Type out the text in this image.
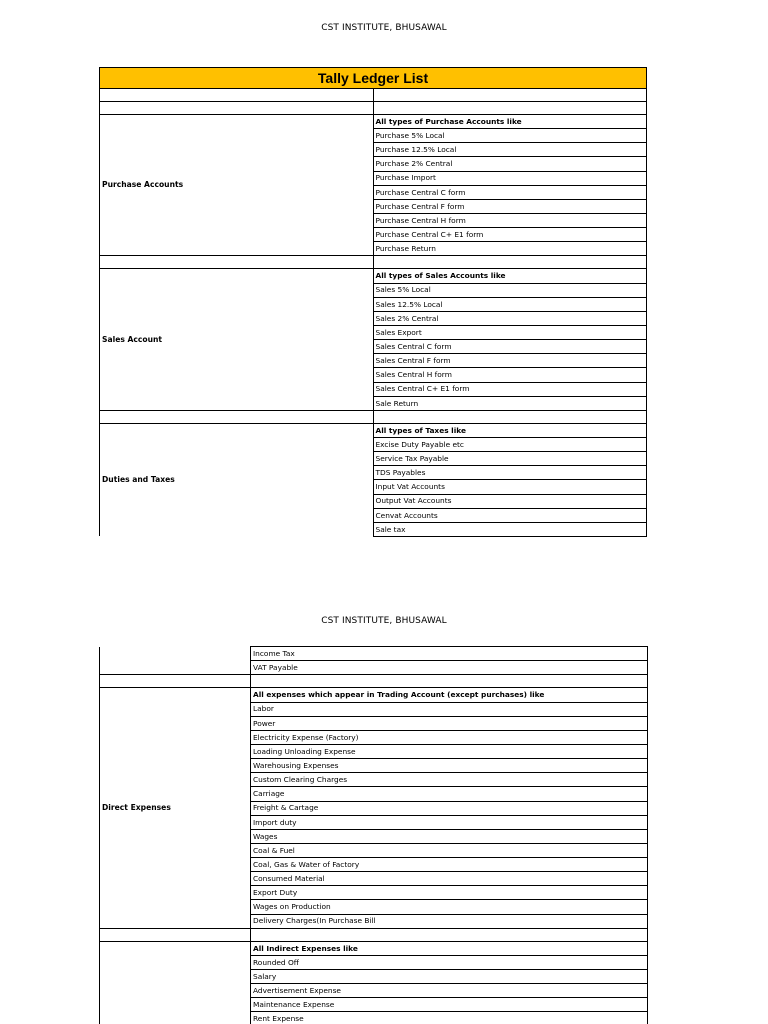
CST INSTITUTE, BHUSAWAL
Tally Ledger List	

Purchase Accounts	All types of Purchase Accounts like
	Purchase 5% Local
	Purchase 12.5% Local
	Purchase 2% Central
	Purchase Import
	Purchase Central C form
	Purchase Central F form
	Purchase Central H form
	Purchase Central C+ E1 form
	Purchase Return

Sales Account	All types of Sales Accounts like
	Sales 5% Local
	Sales 12.5% Local
	Sales 2% Central
	Sales Export
	Sales Central C form
	Sales Central F form
	Sales Central H form
	Sales Central C+ E1 form
	Sale Return

Duties and Taxes	All types of Taxes like
	Excise Duty Payable etc
	Service Tax Payable
	TDS Payables
	Input Vat Accounts
	Output Vat Accounts
	Cenvat Accounts
	Sale tax
CST INSTITUTE, BHUSAWAL
	Income Tax
	VAT Payable

Direct Expenses	All expenses which appear in Trading Account (except purchases) like
	Labor
	Power
	Electricity Expense (Factory)
	Loading Unloading Expense
	Warehousing Expenses
	Custom Clearing Charges
	Carriage
	Freight & Cartage
	Import duty
	Wages
	Coal & Fuel
	Coal, Gas & Water of Factory
	Consumed Material
	Export Duty
	Wages on Production
	Delivery Charges(In Purchase Bill

	All Indirect Expenses like
	Rounded Off
	Salary
	Advertisement Expense
	Maintenance Expense
	Rent Expense
